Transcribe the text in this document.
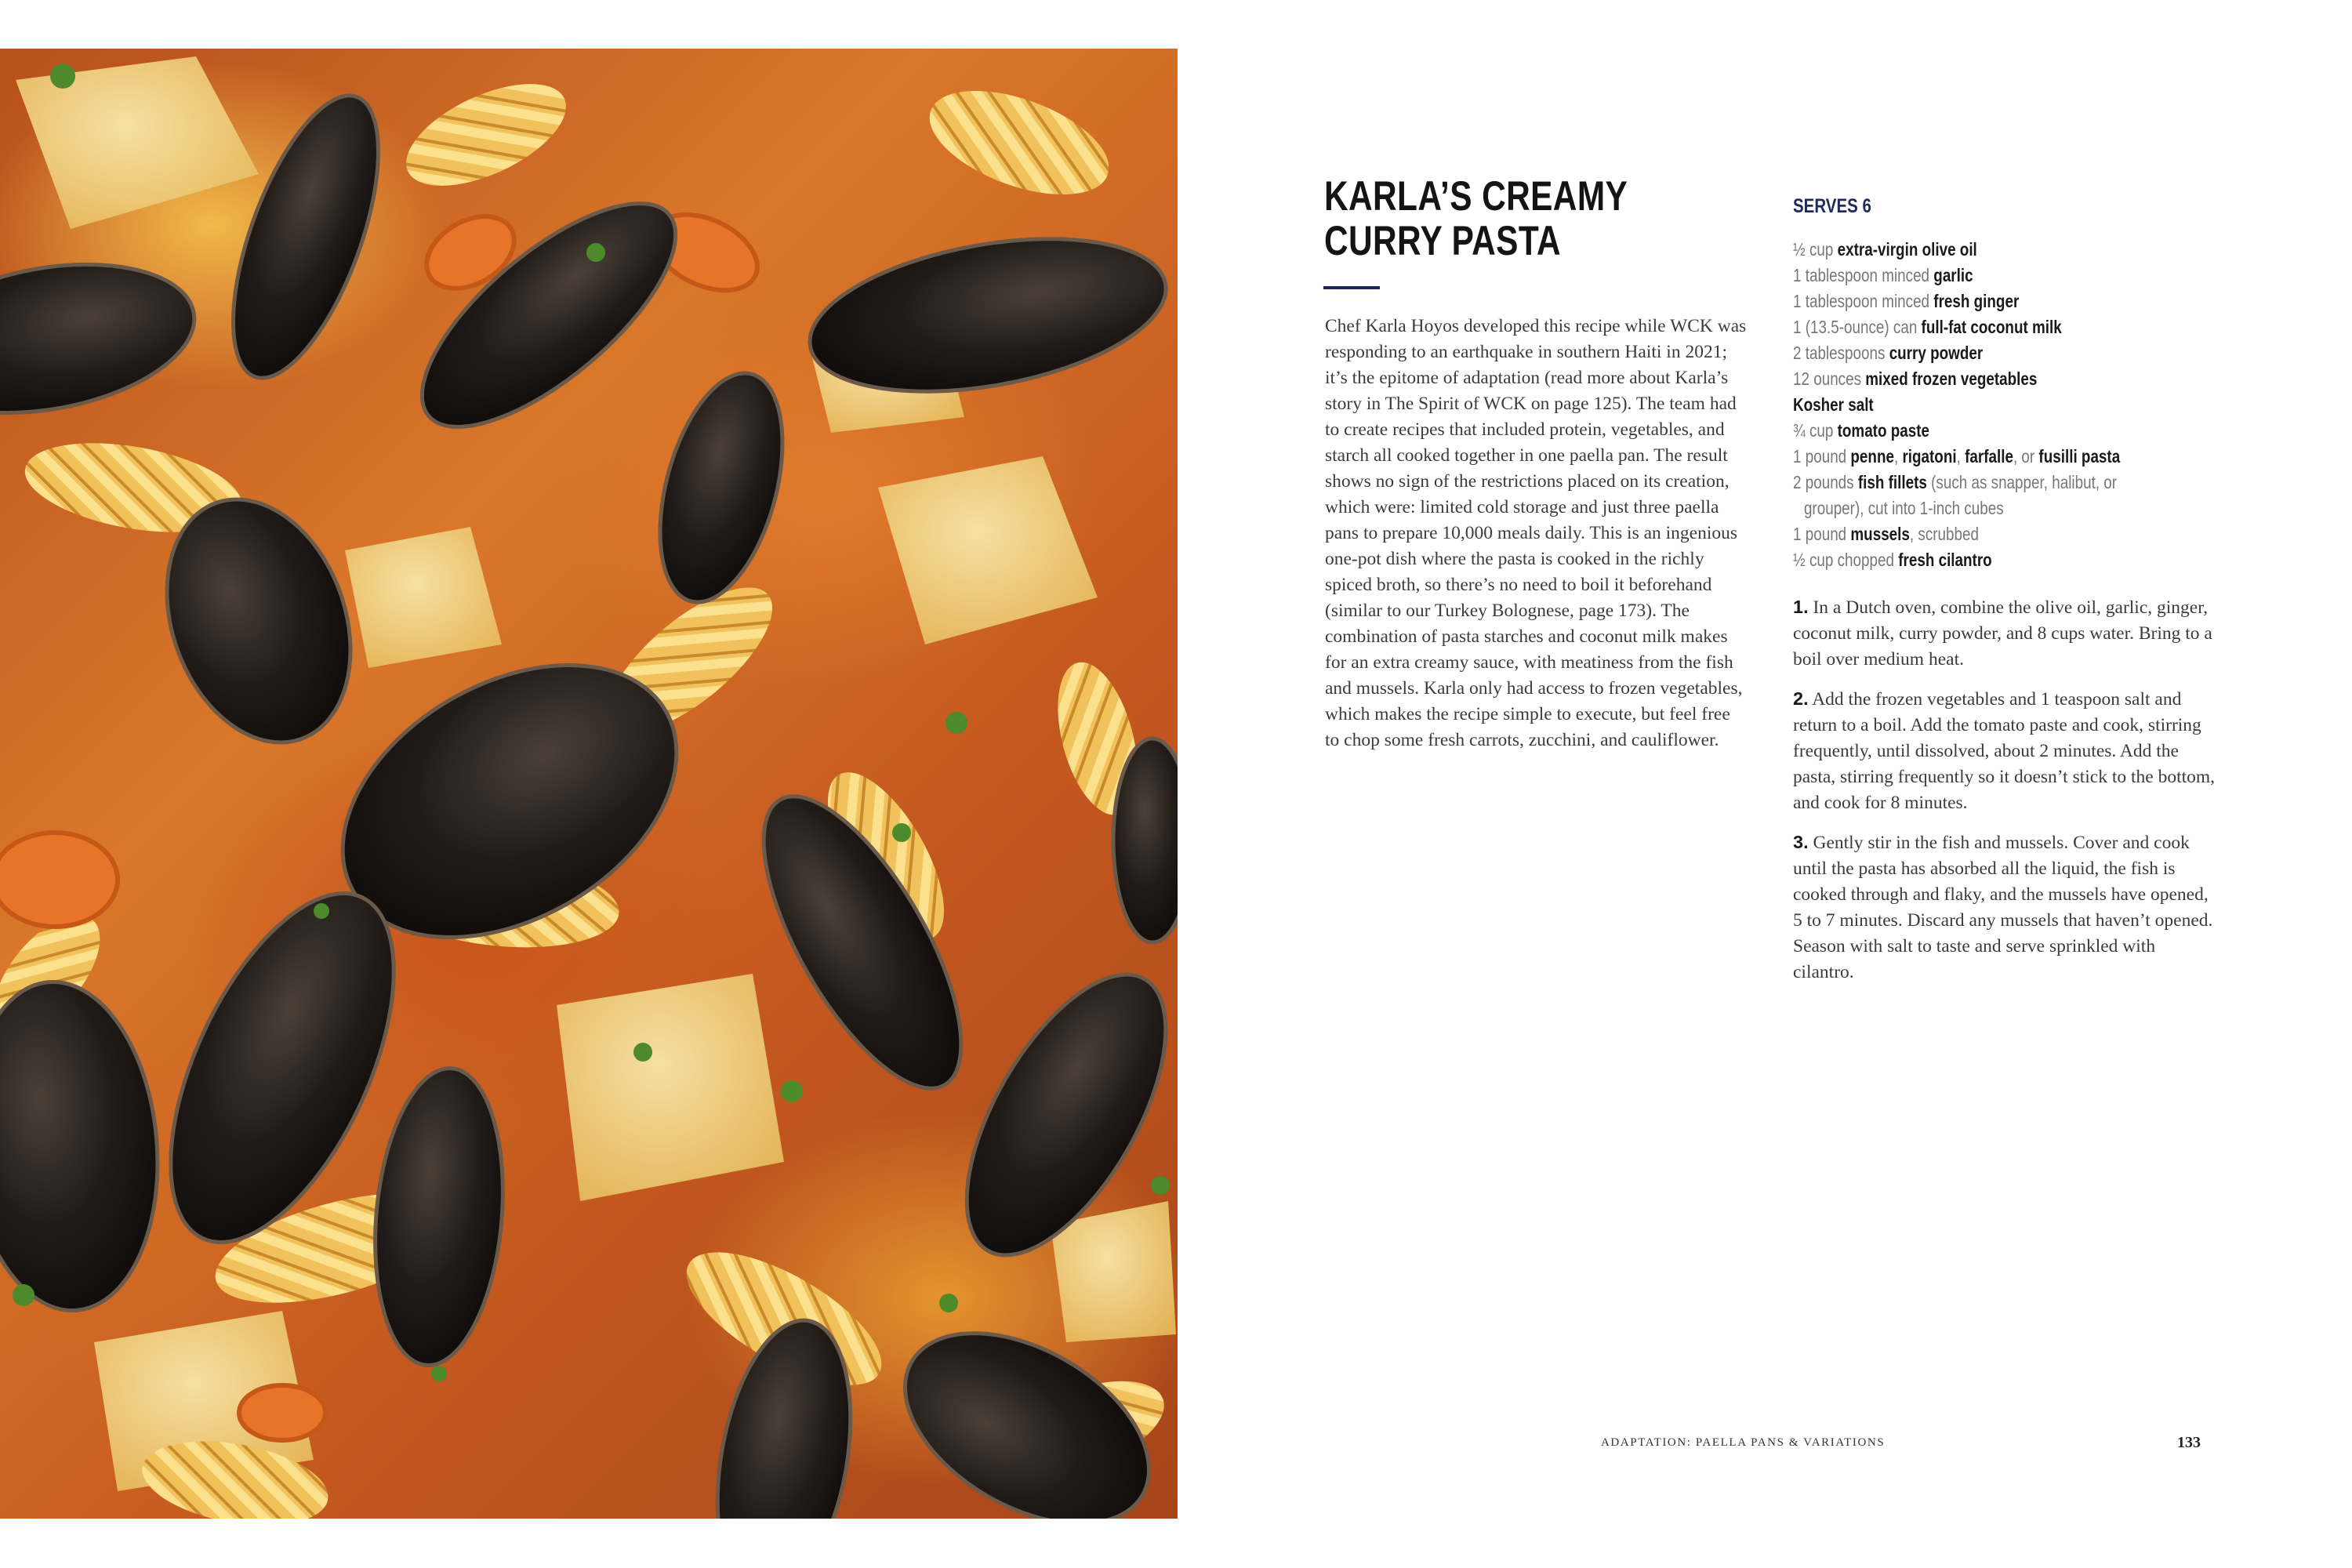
KARLA’S CREAMY
CURRY PASTA

Chef Karla Hoyos developed this recipe while WCK was responding to an earthquake in southern Haiti in 2021; it’s the epitome of adaptation (read more about Karla’s story in The Spirit of WCK on page 125). The team had to create recipes that included protein, vegetables, and starch all cooked together in one paella pan. The result shows no sign of the restrictions placed on its creation, which were: limited cold storage and just three paella pans to prepare 10,000 meals daily. This is an ingenious one-pot dish where the pasta is cooked in the richly spiced broth, so there’s no need to boil it beforehand (similar to our Turkey Bolognese, page 173). The combination of pasta starches and coconut milk makes for an extra creamy sauce, with meatiness from the fish and mussels. Karla only had access to frozen vegetables, which makes the recipe simple to execute, but feel free to chop some fresh carrots, zucchini, and cauliflower.

SERVES 6

½ cup extra-virgin olive oil
1 tablespoon minced garlic
1 tablespoon minced fresh ginger
1 (13.5-ounce) can full-fat coconut milk
2 tablespoons curry powder
12 ounces mixed frozen vegetables
Kosher salt
¾ cup tomato paste
1 pound penne, rigatoni, farfalle, or fusilli pasta
2 pounds fish fillets (such as snapper, halibut, or grouper), cut into 1-inch cubes
1 pound mussels, scrubbed
½ cup chopped fresh cilantro
1. In a Dutch oven, combine the olive oil, garlic, ginger, coconut milk, curry powder, and 8 cups water. Bring to a boil over medium heat.
2. Add the frozen vegetables and 1 teaspoon salt and return to a boil. Add the tomato paste and cook, stirring frequently, until dissolved, about 2 minutes. Add the pasta, stirring frequently so it doesn’t stick to the bottom, and cook for 8 minutes.
3. Gently stir in the fish and mussels. Cover and cook until the pasta has absorbed all the liquid, the fish is cooked through and flaky, and the mussels have opened, 5 to 7 minutes. Discard any mussels that haven’t opened. Season with salt to taste and serve sprinkled with cilantro.

ADAPTATION: PAELLA PANS & VARIATIONS	133
